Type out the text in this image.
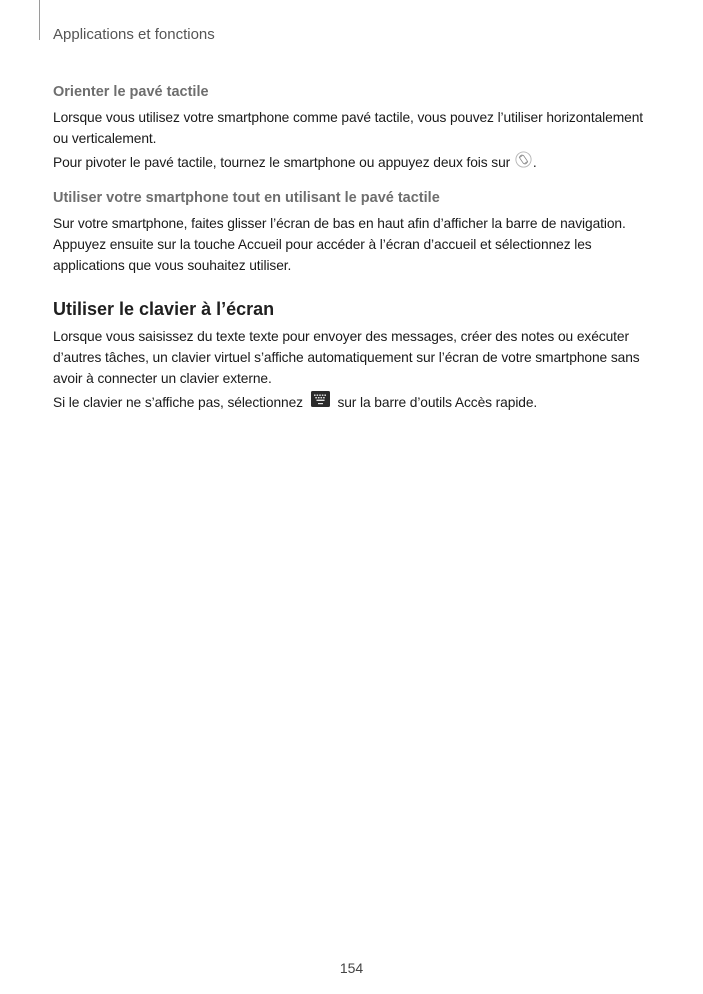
Applications et fonctions
Orienter le pavé tactile

Lorsque vous utilisez votre smartphone comme pavé tactile, vous pouvez l’utiliser horizontalement ou verticalement.

Pour pivoter le pavé tactile, tournez le smartphone ou appuyez deux fois sur .

Utiliser votre smartphone tout en utilisant le pavé tactile

Sur votre smartphone, faites glisser l’écran de bas en haut afin d’afficher la barre de navigation. Appuyez ensuite sur la touche Accueil pour accéder à l’écran d’accueil et sélectionnez les applications que vous souhaitez utiliser.

Utiliser le clavier à l’écran

Lorsque vous saisissez du texte texte pour envoyer des messages, créer des notes ou exécuter d’autres tâches, un clavier virtuel s’affiche automatiquement sur l’écran de votre smartphone sans avoir à connecter un clavier externe.

Si le clavier ne s’affiche pas, sélectionnez sur la barre d’outils Accès rapide.

154
